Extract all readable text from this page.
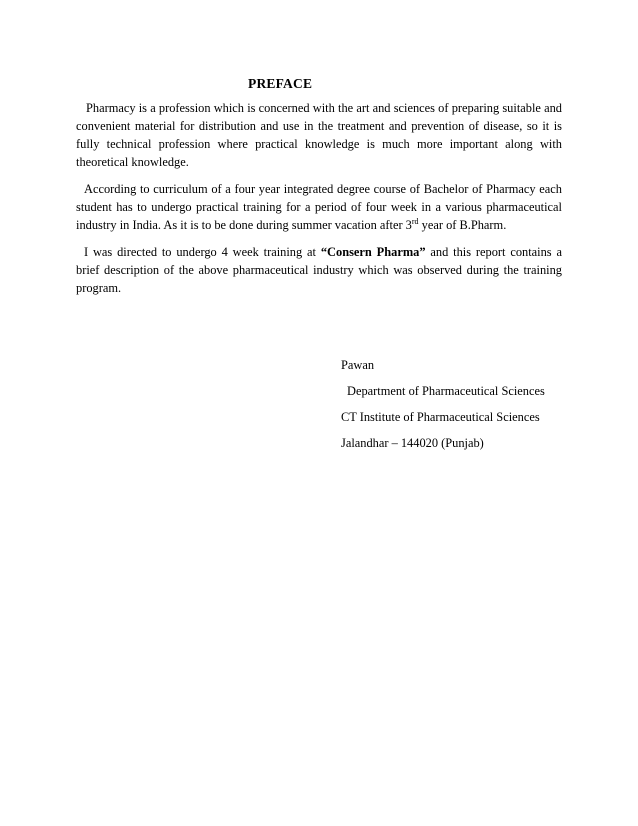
PREFACE
Pharmacy is a profession which is concerned with the art and sciences of preparing suitable and convenient material for distribution and use in the treatment and prevention of disease, so it is fully technical profession where practical knowledge is much more important along with theoretical knowledge.
According to curriculum of a four year integrated degree course of Bachelor of Pharmacy each student has to undergo practical training for a period of four week in a various pharmaceutical industry in India. As it is to be done during summer vacation after 3rd year of B.Pharm.
I was directed to undergo 4 week training at “Consern Pharma” and this report contains a brief description of the above pharmaceutical industry which was observed during the training program.
Pawan
Department of Pharmaceutical Sciences
CT Institute of Pharmaceutical Sciences
Jalandhar – 144020 (Punjab)
